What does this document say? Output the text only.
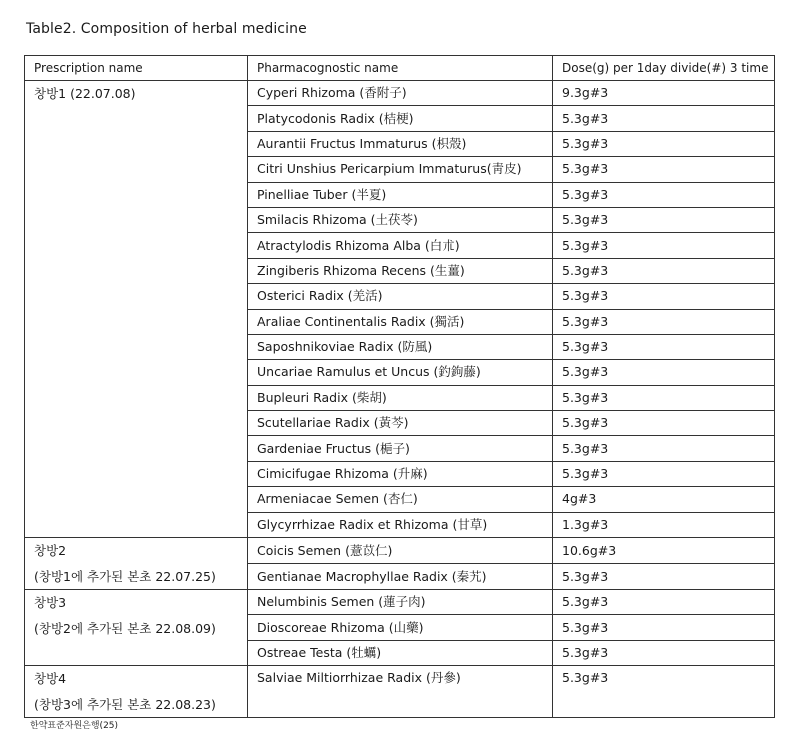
Table2. Composition of herbal medicine
Prescription name	Pharmacognostic name	Dose(g) per 1day divide(#) 3 time

창방1 (22.07.08)	Cyperi Rhizoma (香附子)	9.3g#3
	Platycodonis Radix (桔梗)	5.3g#3
	Aurantii Fructus Immaturus (枳殼)	5.3g#3
	Citri Unshius Pericarpium Immaturus(靑皮)	5.3g#3
	Pinelliae Tuber (半夏)	5.3g#3
	Smilacis Rhizoma (土茯苓)	5.3g#3
	Atractylodis Rhizoma Alba (白朮)	5.3g#3
	Zingiberis Rhizoma Recens (生薑)	5.3g#3
	Osterici Radix (羌活)	5.3g#3
	Araliae Continentalis Radix (獨活)	5.3g#3
	Saposhnikoviae Radix (防風)	5.3g#3
	Uncariae Ramulus et Uncus (釣鉤藤)	5.3g#3
	Bupleuri Radix (柴胡)	5.3g#3
	Scutellariae Radix (黃芩)	5.3g#3
	Gardeniae Fructus (梔子)	5.3g#3
	Cimicifugae Rhizoma (升麻)	5.3g#3
	Armeniacae Semen (杏仁)	4g#3
	Glycyrrhizae Radix et Rhizoma (甘草)	1.3g#3

창방2
(창방1에 추가된 본초 22.07.25)	Coicis Semen (薏苡仁)	10.6g#3
	Gentianae Macrophyllae Radix (秦艽)	5.3g#3

창방3
(창방2에 추가된 본초 22.08.09)	Nelumbinis Semen (蓮子肉)	5.3g#3
	Dioscoreae Rhizoma (山藥)	5.3g#3
	Ostreae Testa (牡蠣)	5.3g#3

창방4
(창방3에 추가된 본초 22.08.23)	Salviae Miltiorrhizae Radix (丹參)	5.3g#3
한약표준자원은행(25)
